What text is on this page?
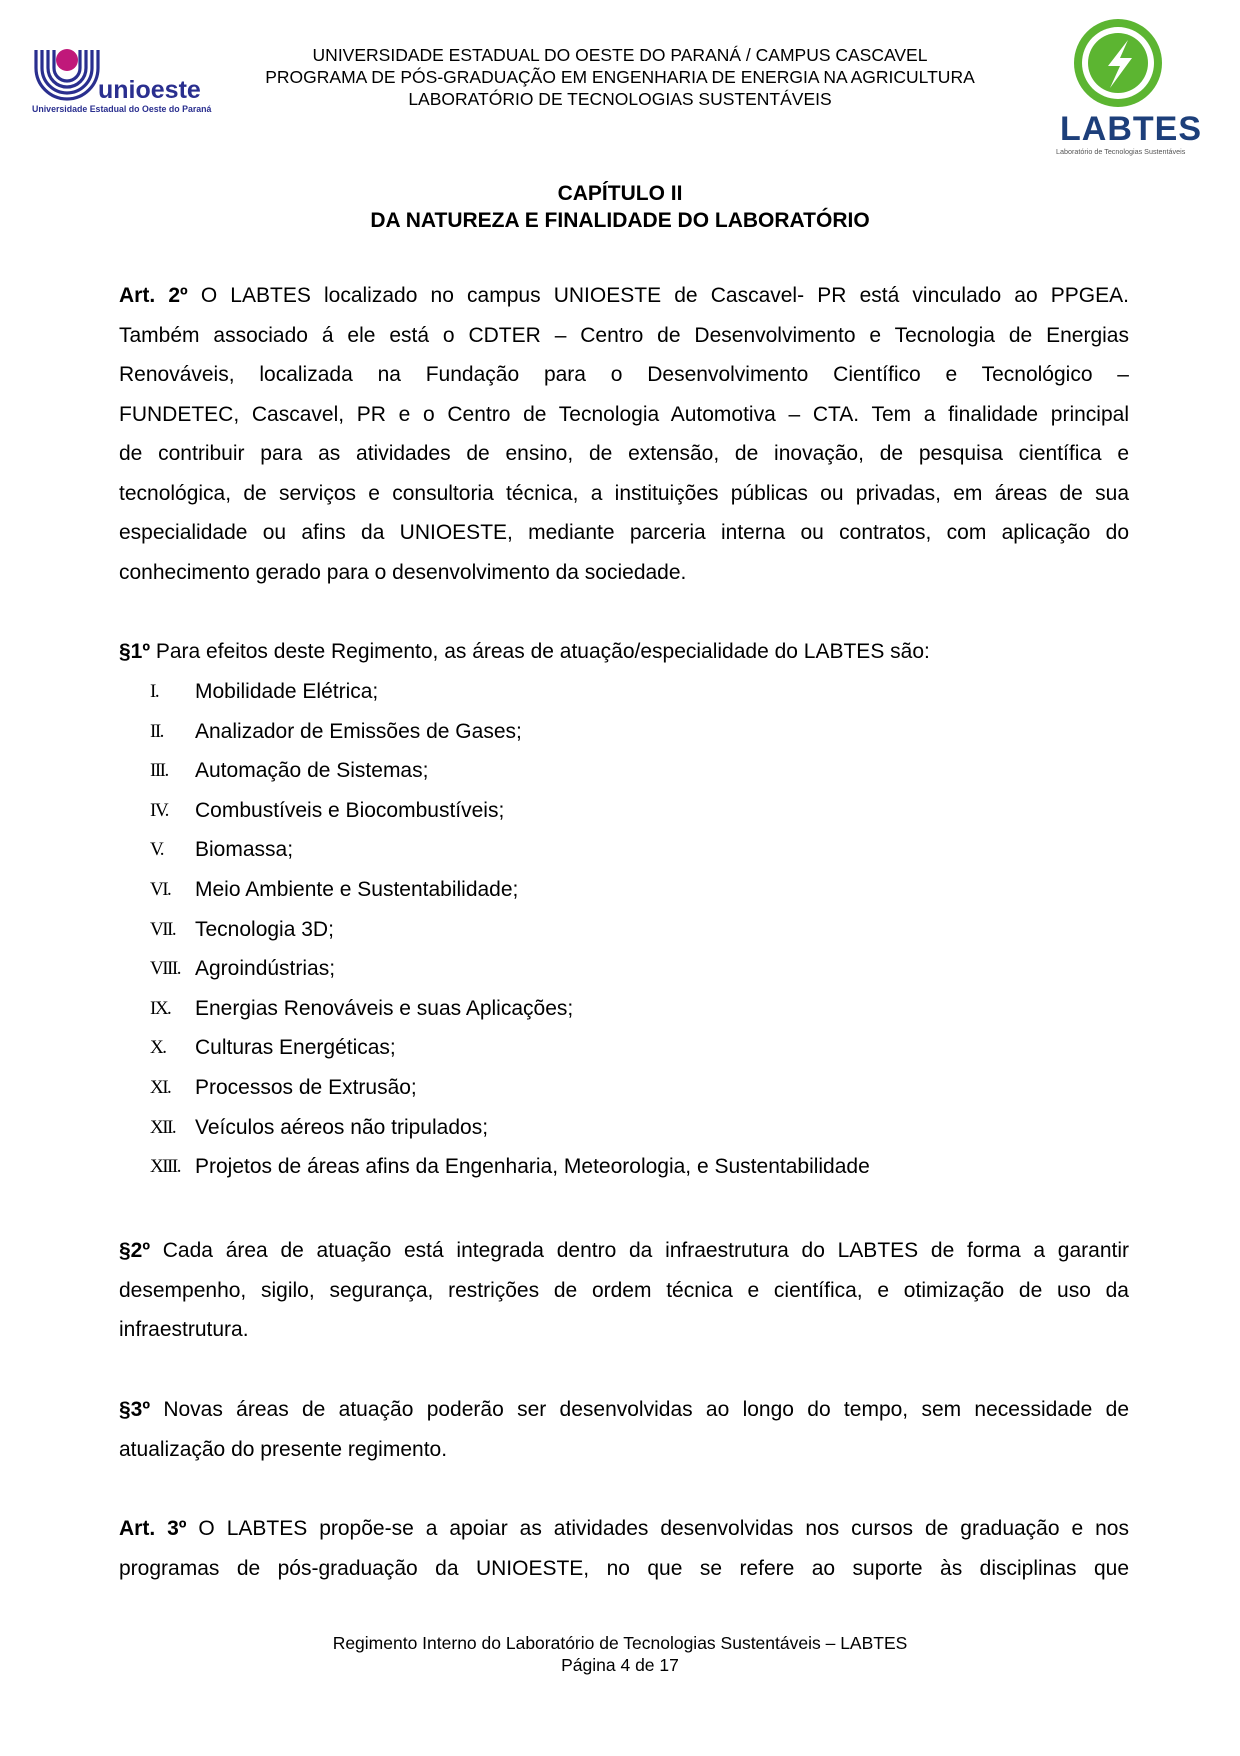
unioeste
Universidade Estadual do Oeste do Paraná
UNIVERSIDADE ESTADUAL DO OESTE DO PARANÁ / CAMPUS CASCAVEL
PROGRAMA DE PÓS-GRADUAÇÃO EM ENGENHARIA DE ENERGIA NA AGRICULTURA
LABORATÓRIO DE TECNOLOGIAS SUSTENTÁVEIS
LABTES
Laboratório de Tecnologias Sustentáveis
CAPÍTULO II
DA NATUREZA E FINALIDADE DO LABORATÓRIO
Art. 2º O LABTES localizado no campus UNIOESTE de Cascavel- PR está vinculado ao PPGEA.
Também associado á ele está o CDTER – Centro de Desenvolvimento e Tecnologia de Energias
Renováveis, localizada na Fundação para o Desenvolvimento Científico e Tecnológico –
FUNDETEC, Cascavel, PR e o Centro de Tecnologia Automotiva – CTA. Tem a finalidade principal
de contribuir para as atividades de ensino, de extensão, de inovação, de pesquisa científica e
tecnológica, de serviços e consultoria técnica, a instituições públicas ou privadas, em áreas de sua
especialidade ou afins da UNIOESTE, mediante parceria interna ou contratos, com aplicação do
conhecimento gerado para o desenvolvimento da sociedade.
§1º Para efeitos deste Regimento, as áreas de atuação/especialidade do LABTES são:
I.	Mobilidade Elétrica;
II.	Analizador de Emissões de Gases;
III.	Automação de Sistemas;
IV.	Combustíveis e Biocombustíveis;
V.	Biomassa;
VI.	Meio Ambiente e Sustentabilidade;
VII. Tecnologia 3D;
VIII. Agroindústrias;
IX.	Energias Renováveis e suas Aplicações;
X.	Culturas Energéticas;
XI.	Processos de Extrusão;
XII. Veículos aéreos não tripulados;
XIII. Projetos de áreas afins da Engenharia, Meteorologia, e Sustentabilidade
§2º Cada área de atuação está integrada dentro da infraestrutura do LABTES de forma a garantir
desempenho, sigilo, segurança, restrições de ordem técnica e científica, e otimização de uso da
infraestrutura.
§3º Novas áreas de atuação poderão ser desenvolvidas ao longo do tempo, sem necessidade de
atualização do presente regimento.
Art. 3º O LABTES propõe-se a apoiar as atividades desenvolvidas nos cursos de graduação e nos
programas de pós-graduação da UNIOESTE, no que se refere ao suporte às disciplinas que
Regimento Interno do Laboratório de Tecnologias Sustentáveis – LABTES
Página 4 de 17
